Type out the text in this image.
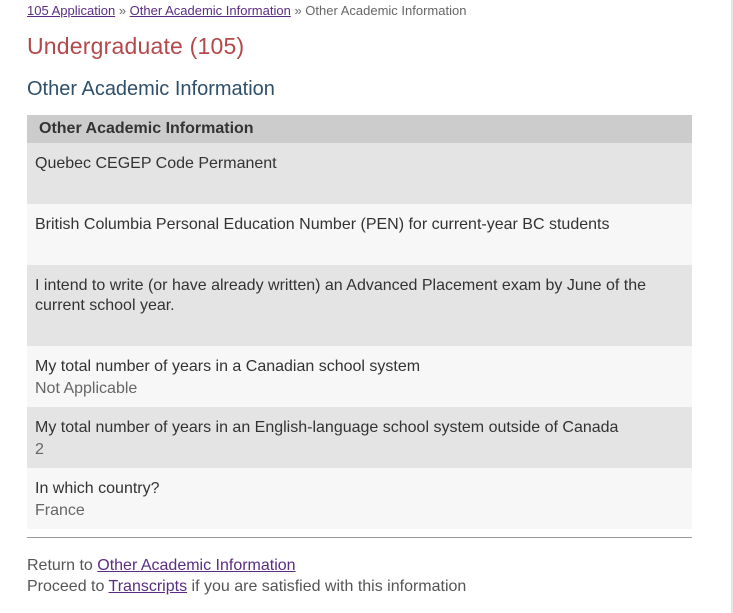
105 Application » Other Academic Information » Other Academic Information
Undergraduate (105)
Other Academic Information
Other Academic Information
Quebec CEGEP Code Permanent
British Columbia Personal Education Number (PEN) for current-year BC students
I intend to write (or have already written) an Advanced Placement exam by June of the current school year.
My total number of years in a Canadian school system
Not Applicable
My total number of years in an English-language school system outside of Canada
2
In which country?
France
Return to Other Academic Information
Proceed to Transcripts if you are satisfied with this information
